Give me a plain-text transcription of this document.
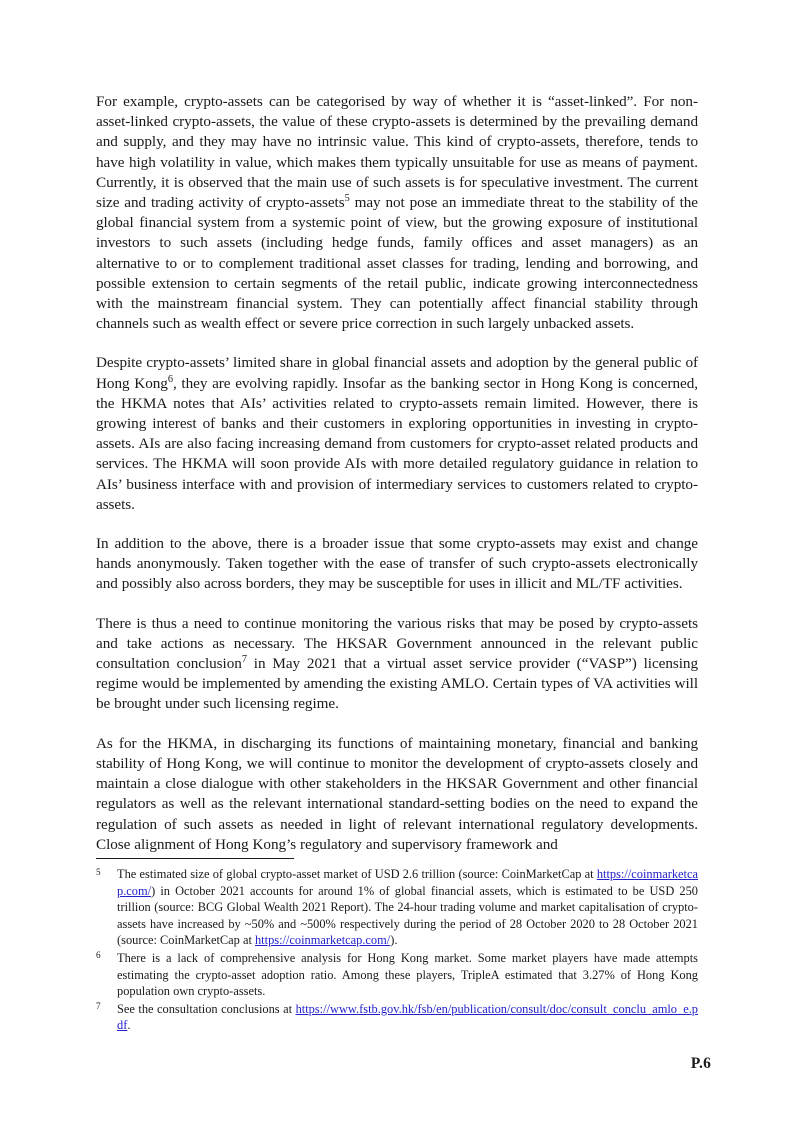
For example, crypto-assets can be categorised by way of whether it is “asset-linked”. For non-asset-linked crypto-assets, the value of these crypto-assets is determined by the prevailing demand and supply, and they may have no intrinsic value. This kind of crypto-assets, therefore, tends to have high volatility in value, which makes them typically unsuitable for use as means of payment. Currently, it is observed that the main use of such assets is for speculative investment. The current size and trading activity of crypto-assets$^5$ may not pose an immediate threat to the stability of the global financial system from a systemic point of view, but the growing exposure of institutional investors to such assets (including hedge funds, family offices and asset managers) as an alternative to or to complement traditional asset classes for trading, lending and borrowing, and possible extension to certain segments of the retail public, indicate growing interconnectedness with the mainstream financial system. They can potentially affect financial stability through channels such as wealth effect or severe price correction in such largely unbacked assets.

Despite crypto-assets’ limited share in global financial assets and adoption by the general public of Hong Kong$^6$, they are evolving rapidly. Insofar as the banking sector in Hong Kong is concerned, the HKMA notes that AIs’ activities related to crypto-assets remain limited. However, there is growing interest of banks and their customers in exploring opportunities in investing in crypto-assets. AIs are also facing increasing demand from customers for crypto-asset related products and services. The HKMA will soon provide AIs with more detailed regulatory guidance in relation to AIs’ business interface with and provision of intermediary services to customers related to crypto-assets.

In addition to the above, there is a broader issue that some crypto-assets may exist and change hands anonymously. Taken together with the ease of transfer of such crypto-assets electronically and possibly also across borders, they may be susceptible for uses in illicit and ML/TF activities.

There is thus a need to continue monitoring the various risks that may be posed by crypto-assets and take actions as necessary. The HKSAR Government announced in the relevant public consultation conclusion$^7$ in May 2021 that a virtual asset service provider (“VASP”) licensing regime would be implemented by amending the existing AMLO. Certain types of VA activities will be brought under such licensing regime.

As for the HKMA, in discharging its functions of maintaining monetary, financial and banking stability of Hong Kong, we will continue to monitor the development of crypto-assets closely and maintain a close dialogue with other stakeholders in the HKSAR Government and other financial regulators as well as the relevant international standard-setting bodies on the need to expand the regulation of such assets as needed in light of relevant international regulatory developments. Close alignment of Hong Kong’s regulatory and supervisory framework and

5	The estimated size of global crypto-asset market of USD 2.6 trillion (source: CoinMarketCap at https://coinmarketcap.com/) in October 2021 accounts for around 1% of global financial assets, which is estimated to be USD 250 trillion (source: BCG Global Wealth 2021 Report). The 24-hour trading volume and market capitalisation of crypto-assets have increased by ~50% and ~500% respectively during the period of 28 October 2020 to 28 October 2021 (source: CoinMarketCap at https://coinmarketcap.com/).
6	There is a lack of comprehensive analysis for Hong Kong market. Some market players have made attempts estimating the crypto-asset adoption ratio. Among these players, TripleA estimated that 3.27% of Hong Kong population own crypto-assets.
7	See the consultation conclusions at https://www.fstb.gov.hk/fsb/en/publication/consult/doc/consult_conclu_amlo_e.pdf.
P.6
